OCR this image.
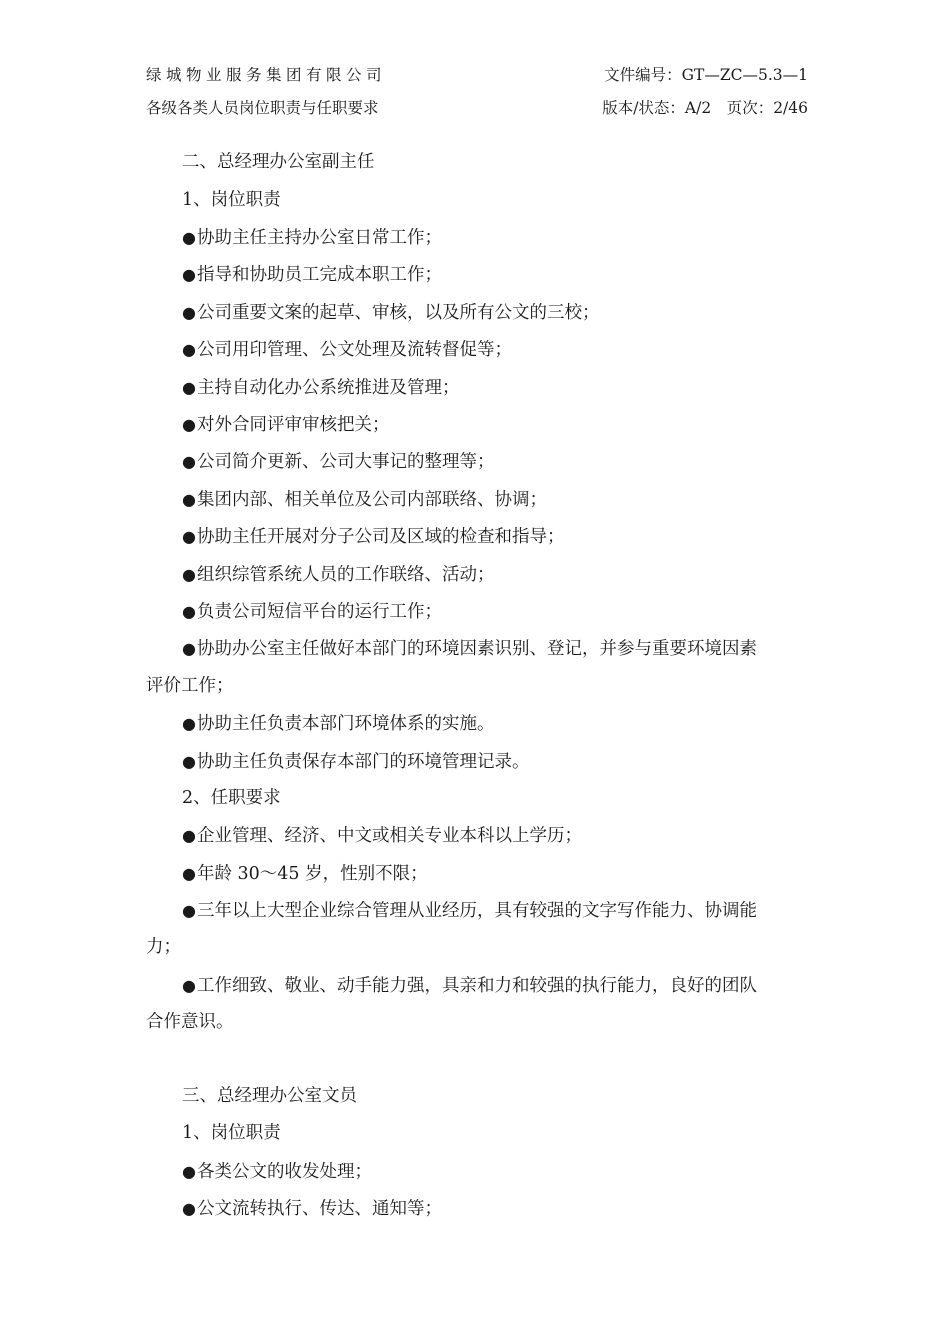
绿城物业服务集团有限公司	文件编号：GT—ZC—5.3—1
各级各类人员岗位职责与任职要求	版本/状态：A/2　页次：2/46
二、总经理办公室副主任
1、岗位职责
● 协助主任主持办公室日常工作；
● 指导和协助员工完成本职工作；
● 公司重要文案的起草、审核，以及所有公文的三校；
● 公司用印管理、公文处理及流转督促等；
● 主持自动化办公系统推进及管理；
● 对外合同评审审核把关；
● 公司简介更新、公司大事记的整理等；
● 集团内部、相关单位及公司内部联络、协调；
● 协助主任开展对分子公司及区域的检查和指导；
● 组织综管系统人员的工作联络、活动；
● 负责公司短信平台的运行工作；
● 协助办公室主任做好本部门的环境因素识别、登记，并参与重要环境因素
评价工作；
● 协助主任负责本部门环境体系的实施。
● 协助主任负责保存本部门的环境管理记录。
2、任职要求
● 企业管理、经济、中文或相关专业本科以上学历；
● 年龄 30～45 岁，性别不限；
● 三年以上大型企业综合管理从业经历，具有较强的文字写作能力、协调能
力；
● 工作细致、敬业、动手能力强，具亲和力和较强的执行能力，良好的团队
合作意识。
三、总经理办公室文员
1、岗位职责
● 各类公文的收发处理；
● 公文流转执行、传达、通知等；
